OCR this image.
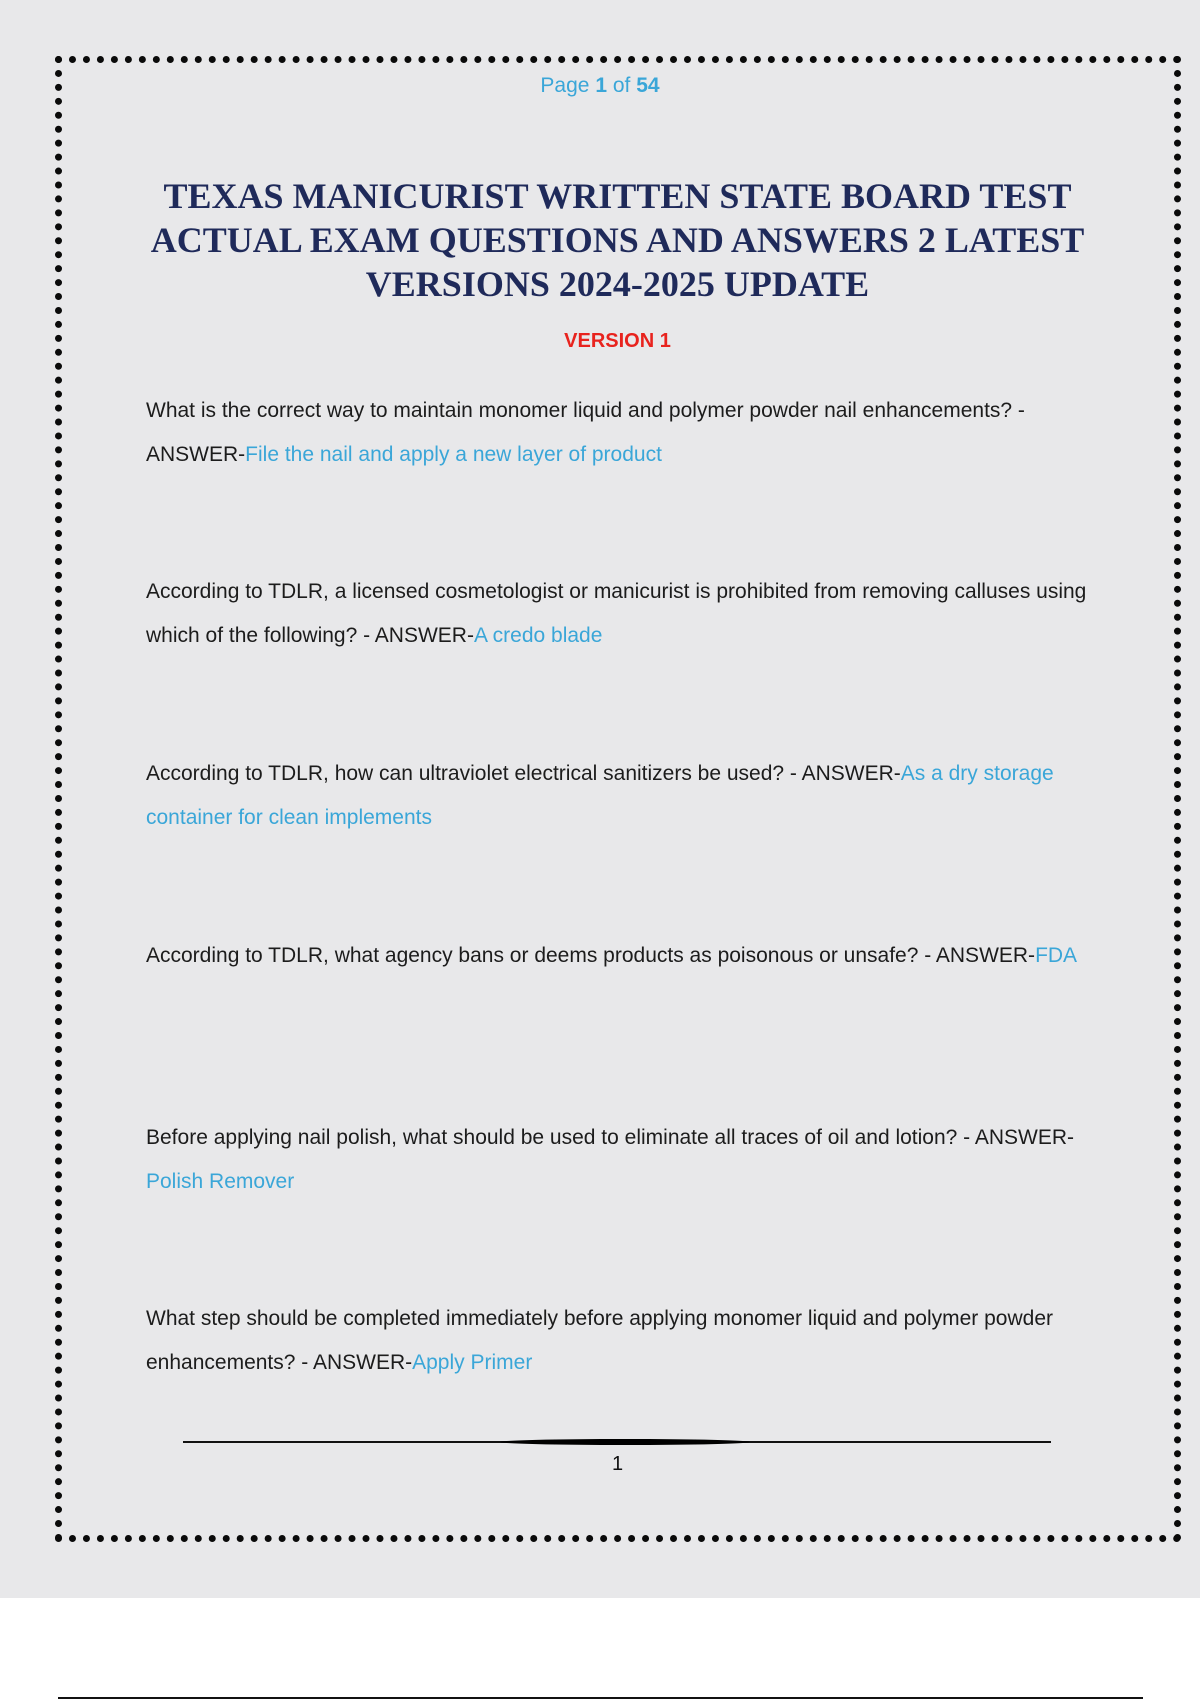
Page 1 of 54
TEXAS MANICURIST WRITTEN STATE BOARD TEST ACTUAL EXAM QUESTIONS AND ANSWERS 2 LATEST VERSIONS 2024-2025 UPDATE
VERSION 1
What is the correct way to maintain monomer liquid and polymer powder nail enhancements? - ANSWER-File the nail and apply a new layer of product
According to TDLR, a licensed cosmetologist or manicurist is prohibited from removing calluses using which of the following? - ANSWER-A credo blade
According to TDLR, how can ultraviolet electrical sanitizers be used? - ANSWER-As a dry storage container for clean implements
According to TDLR, what agency bans or deems products as poisonous or unsafe? - ANSWER-FDA
Before applying nail polish, what should be used to eliminate all traces of oil and lotion? - ANSWER-Polish Remover
What step should be completed immediately before applying monomer liquid and polymer powder enhancements? - ANSWER-Apply Primer
1
